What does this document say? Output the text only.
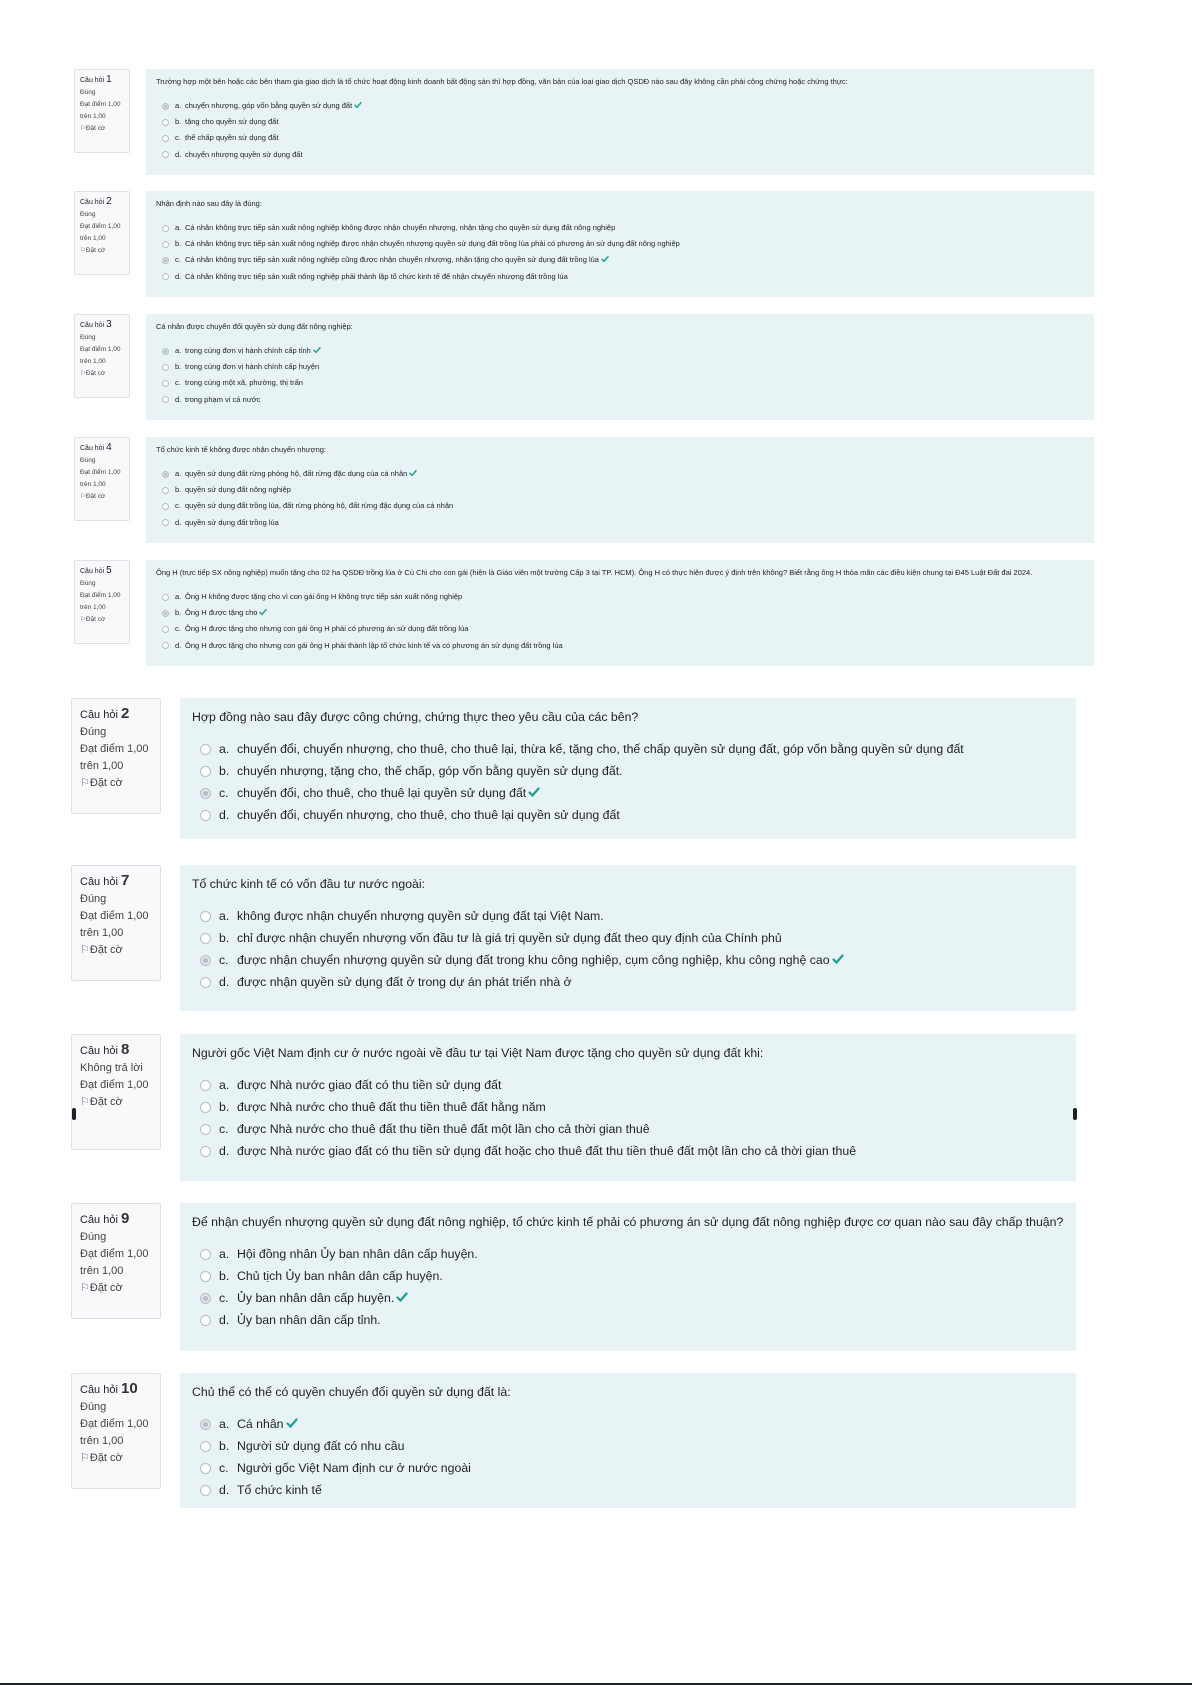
Câu hỏi 1
Đúng
Đạt điểm 1,00
trên 1,00
⚐Đặt cờ
Trường hợp một bên hoặc các bên tham gia giao dịch là tổ chức hoạt động kinh doanh bất động sản thì hợp đồng, văn bản của loại giao dịch QSDĐ nào sau đây không cần phải công chứng hoặc chứng thực:
a. chuyển nhượng, góp vốn bằng quyền sử dụng đất
b. tặng cho quyền sử dụng đất
c. thế chấp quyền sử dụng đất
d. chuyển nhượng quyền sử dụng đất
Câu hỏi 2
Đúng
Đạt điểm 1,00
trên 1,00
⚐Đặt cờ
Nhận định nào sau đây là đúng:
a. Cá nhân không trực tiếp sản xuất nông nghiệp không được nhận chuyển nhượng, nhận tặng cho quyền sử dụng đất nông nghiệp
b. Cá nhân không trực tiếp sản xuất nông nghiệp được nhận chuyển nhượng quyền sử dụng đất trồng lúa phải có phương án sử dụng đất nông nghiệp
c. Cá nhân không trực tiếp sản xuất nông nghiệp cũng được nhận chuyển nhượng, nhận tặng cho quyền sử dụng đất trồng lúa
d. Cá nhân không trực tiếp sản xuất nông nghiệp phải thành lập tổ chức kinh tế để nhận chuyển nhượng đất trồng lúa
Câu hỏi 3
Đúng
Đạt điểm 1,00
trên 1,00
⚐Đặt cờ
Cá nhân được chuyển đổi quyền sử dụng đất nông nghiệp:
a. trong cùng đơn vị hành chính cấp tỉnh
b. trong cùng đơn vị hành chính cấp huyện
c. trong cùng một xã, phường, thị trấn
d. trong phạm vi cả nước
Câu hỏi 4
Đúng
Đạt điểm 1,00
trên 1,00
⚐Đặt cờ
Tổ chức kinh tế không được nhận chuyển nhượng:
a. quyền sử dụng đất rừng phòng hộ, đất rừng đặc dụng của cá nhân
b. quyền sử dụng đất nông nghiệp
c. quyền sử dụng đất trồng lúa, đất rừng phòng hộ, đất rừng đặc dụng của cá nhân
d. quyền sử dụng đất trồng lúa
Câu hỏi 5
Đúng
Đạt điểm 1,00
trên 1,00
⚐Đặt cờ
Ông H (trực tiếp SX nông nghiệp) muốn tặng cho 02 ha QSDĐ trồng lúa ở Củ Chi cho con gái (hiện là Giáo viên một trường Cấp 3 tại TP. HCM). Ông H có thực hiện được ý định trên không? Biết rằng ông H thỏa mãn các điều kiện chung tại Đ45 Luật Đất đai 2024.
a. Ông H không được tặng cho vì con gái ông H không trực tiếp sản xuất nông nghiệp
b. Ông H được tặng cho
c. Ông H được tặng cho nhưng con gái ông H phải có phương án sử dụng đất trồng lúa
d. Ông H được tặng cho nhưng con gái ông H phải thành lập tổ chức kinh tế và có phương án sử dụng đất trồng lúa
Câu hỏi 2
Đúng
Đạt điểm 1,00
trên 1,00
⚐Đặt cờ
Hợp đồng nào sau đây được công chứng, chứng thực theo yêu cầu của các bên?
a. chuyển đổi, chuyển nhượng, cho thuê, cho thuê lại, thừa kế, tặng cho, thế chấp quyền sử dụng đất, góp vốn bằng quyền sử dụng đất
b. chuyển nhượng, tặng cho, thế chấp, góp vốn bằng quyền sử dụng đất.
c. chuyển đổi, cho thuê, cho thuê lại quyền sử dụng đất
d. chuyển đổi, chuyển nhượng, cho thuê, cho thuê lại quyền sử dụng đất
Câu hỏi 7
Đúng
Đạt điểm 1,00
trên 1,00
⚐Đặt cờ
Tổ chức kinh tế có vốn đầu tư nước ngoài:
a. không được nhận chuyển nhượng quyền sử dụng đất tại Việt Nam.
b. chỉ được nhận chuyển nhượng vốn đầu tư là giá trị quyền sử dụng đất theo quy định của Chính phủ
c. được nhận chuyển nhượng quyền sử dụng đất trong khu công nghiệp, cụm công nghiệp, khu công nghệ cao
d. được nhận quyền sử dụng đất ở trong dự án phát triển nhà ở
Câu hỏi 8
Không trả lời
Đạt điểm 1,00
⚐Đặt cờ
Người gốc Việt Nam định cư ở nước ngoài về đầu tư tại Việt Nam được tặng cho quyền sử dụng đất khi:
a. được Nhà nước giao đất có thu tiền sử dụng đất
b. được Nhà nước cho thuê đất thu tiền thuê đất hằng năm
c. được Nhà nước cho thuê đất thu tiền thuê đất một lần cho cả thời gian thuê
d. được Nhà nước giao đất có thu tiền sử dụng đất hoặc cho thuê đất thu tiền thuê đất một lần cho cả thời gian thuê
Câu hỏi 9
Đúng
Đạt điểm 1,00
trên 1,00
⚐Đặt cờ
Để nhận chuyển nhượng quyền sử dụng đất nông nghiệp, tổ chức kinh tế phải có phương án sử dụng đất nông nghiệp được cơ quan nào sau đây chấp thuận?
a. Hội đồng nhân Ủy ban nhân dân cấp huyện.
b. Chủ tịch Ủy ban nhân dân cấp huyện.
c. Ủy ban nhân dân cấp huyện.
d. Ủy ban nhân dân cấp tỉnh.
Câu hỏi 10
Đúng
Đạt điểm 1,00
trên 1,00
⚐Đặt cờ
Chủ thể có thể có quyền chuyển đổi quyền sử dụng đất là:
a. Cá nhân
b. Người sử dụng đất có nhu cầu
c. Người gốc Việt Nam định cư ở nước ngoài
d. Tổ chức kinh tế
